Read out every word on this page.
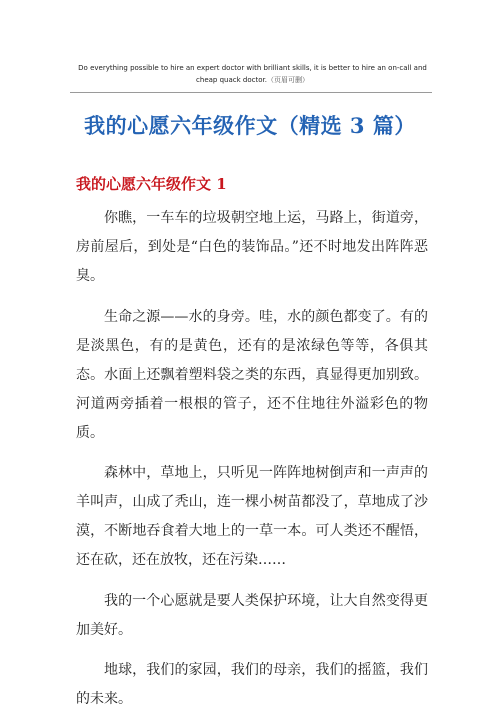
Do everything possible to hire an expert doctor with brilliant skills, it is better to hire an on-call and cheap quack doctor.（页眉可删）
我的心愿六年级作文（精选 3 篇）
我的心愿六年级作文 1

你瞧，一车车的垃圾朝空地上运，马路上，街道旁，房前屋后，到处是“白色的装饰品。”还不时地发出阵阵恶臭。

生命之源——水的身旁。哇，水的颜色都变了。有的是淡黑色，有的是黄色，还有的是浓绿色等等，各俱其态。水面上还飘着塑料袋之类的东西，真显得更加别致。河道两旁插着一根根的管子，还不住地往外溢彩色的物质。

森林中，草地上，只听见一阵阵地树倒声和一声声的羊叫声，山成了秃山，连一棵小树苗都没了，草地成了沙漠，不断地吞食着大地上的一草一本。可人类还不醒悟，还在砍，还在放牧，还在污染……

我的一个心愿就是要人类保护环境，让大自然变得更加美好。

地球，我们的家园，我们的母亲，我们的摇篮，我们的未来。
